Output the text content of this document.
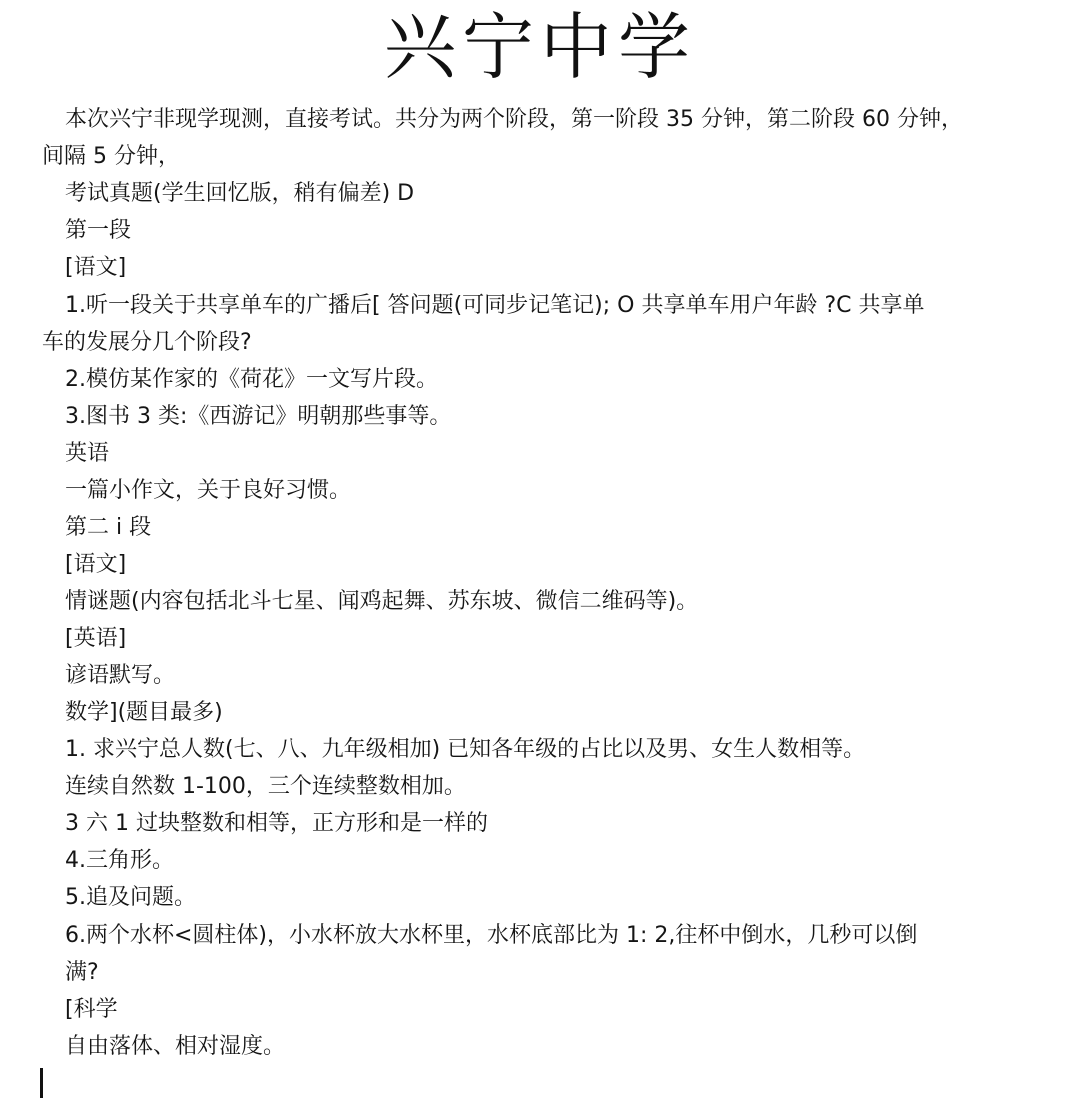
兴宁中学
本次兴宁非现学现测，直接考试。共分为两个阶段，第一阶段 35 分钟，第二阶段 60 分钟，
间隔 5 分钟，
考试真题(学生回忆版，稍有偏差) D
第一段
[语文]
1.听一段关于共享单车的广播后[ 答问题(可同步记笔记); O 共享单车用户年龄 ?C 共享单
车的发展分几个阶段?
2.模仿某作家的《荷花》一文写片段。
3.图书 3 类:《西游记》明朝那些事等。
英语
一篇小作文，关于良好习惯。
第二 i 段
[语文]
情谜题(内容包括北斗七星、闻鸡起舞、苏东坡、微信二维码等)。
[英语]
谚语默写。
数学](题目最多)
1. 求兴宁总人数(七、八、九年级相加) 已知各年级的占比以及男、女生人数相等。
连续自然数 1-100，三个连续整数相加。
3 六 1 过块整数和相等，正方形和是一样的
4.三角形。
5.追及问题。
6.两个水杯<圆柱体)，小水杯放大水杯里，水杯底部比为 1: 2,往杯中倒水，几秒可以倒
满?
[科学
自由落体、相对湿度。
